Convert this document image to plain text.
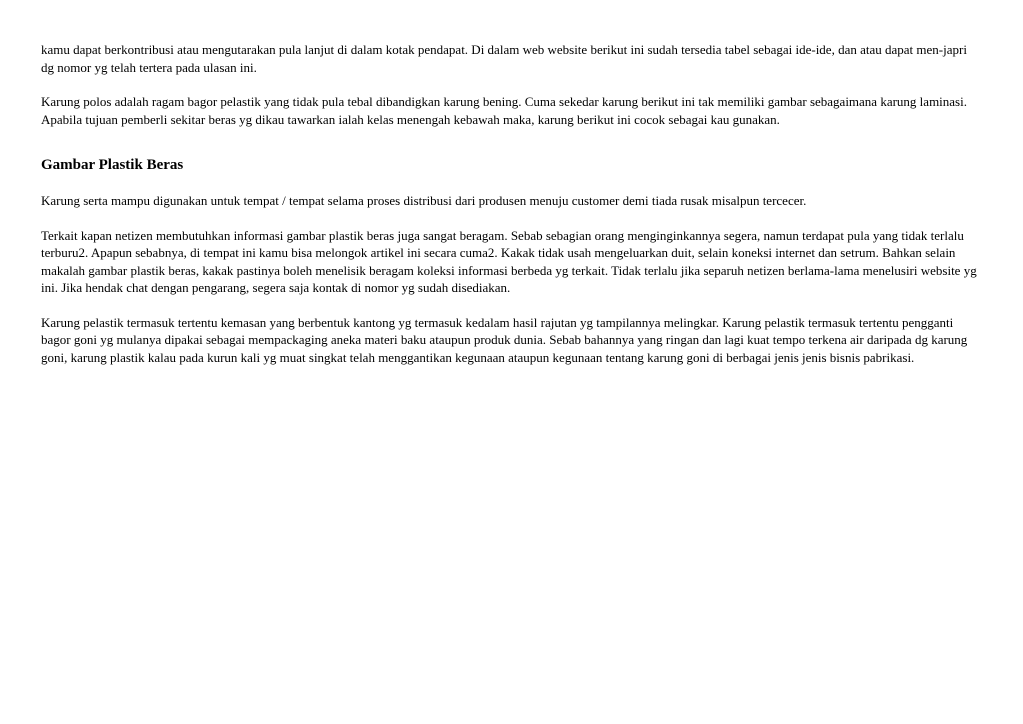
kamu dapat berkontribusi atau mengutarakan pula lanjut di dalam kotak pendapat. Di dalam web website berikut ini sudah tersedia tabel sebagai ide-ide, dan atau dapat men-japri dg nomor yg telah tertera pada ulasan ini.

Karung polos adalah ragam bagor pelastik yang tidak pula tebal dibandigkan karung bening. Cuma sekedar karung berikut ini tak memiliki gambar sebagaimana karung laminasi. Apabila tujuan pemberli sekitar beras yg dikau tawarkan ialah kelas menengah kebawah maka, karung berikut ini cocok sebagai kau gunakan.

Gambar Plastik Beras

Karung serta mampu digunakan untuk tempat / tempat selama proses distribusi dari produsen menuju customer demi tiada rusak misalpun tercecer.

Terkait kapan netizen membutuhkan informasi gambar plastik beras juga sangat beragam. Sebab sebagian orang menginginkannya segera, namun terdapat pula yang tidak terlalu terburu2. Apapun sebabnya, di tempat ini kamu bisa melongok artikel ini secara cuma2. Kakak tidak usah mengeluarkan duit, selain koneksi internet dan setrum. Bahkan selain makalah gambar plastik beras, kakak pastinya boleh menelisik beragam koleksi informasi berbeda yg terkait. Tidak terlalu jika separuh netizen berlama-lama menelusiri website yg ini. Jika hendak chat dengan pengarang, segera saja kontak di nomor yg sudah disediakan.

Karung pelastik termasuk tertentu kemasan yang berbentuk kantong yg termasuk kedalam hasil rajutan yg tampilannya melingkar. Karung pelastik termasuk tertentu pengganti bagor goni yg mulanya dipakai sebagai mempackaging aneka materi baku ataupun produk dunia. Sebab bahannya yang ringan dan lagi kuat tempo terkena air daripada dg karung goni, karung plastik kalau pada kurun kali yg muat singkat telah menggantikan kegunaan ataupun kegunaan tentang karung goni di berbagai jenis jenis bisnis pabrikasi.
